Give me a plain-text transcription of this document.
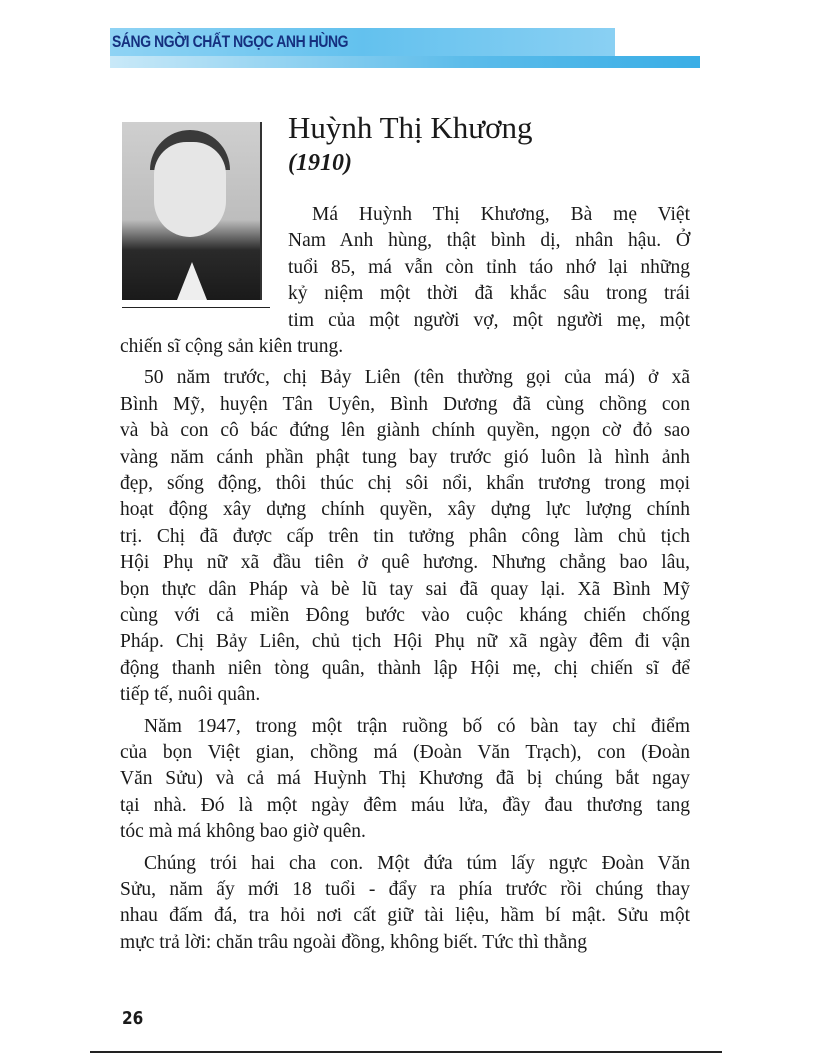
SÁNG NGỜI CHẤT NGỌC ANH HÙNG
Huỳnh Thị Khương
(1910)
Má Huỳnh Thị Khương, Bà mẹ Việt
Nam Anh hùng, thật bình dị, nhân hậu. Ở
tuổi 85, má vẫn còn tỉnh táo nhớ lại những
kỷ niệm một thời đã khắc sâu trong trái
tim của một người vợ, một người mẹ, một
chiến sĩ cộng sản kiên trung.
50 năm trước, chị Bảy Liên (tên thường gọi của má) ở xã
Bình Mỹ, huyện Tân Uyên, Bình Dương đã cùng chồng con
và bà con cô bác đứng lên giành chính quyền, ngọn cờ đỏ sao
vàng năm cánh phần phật tung bay trước gió luôn là hình ảnh
đẹp, sống động, thôi thúc chị sôi nổi, khẩn trương trong mọi
hoạt động xây dựng chính quyền, xây dựng lực lượng chính
trị. Chị đã được cấp trên tin tưởng phân công làm chủ tịch
Hội Phụ nữ xã đầu tiên ở quê hương. Nhưng chẳng bao lâu,
bọn thực dân Pháp và bè lũ tay sai đã quay lại. Xã Bình Mỹ
cùng với cả miền Đông bước vào cuộc kháng chiến chống
Pháp. Chị Bảy Liên, chủ tịch Hội Phụ nữ xã ngày đêm đi vận
động thanh niên tòng quân, thành lập Hội mẹ, chị chiến sĩ để
tiếp tế, nuôi quân.
Năm 1947, trong một trận ruồng bố có bàn tay chỉ điểm
của bọn Việt gian, chồng má (Đoàn Văn Trạch), con (Đoàn
Văn Sửu) và cả má Huỳnh Thị Khương đã bị chúng bắt ngay
tại nhà. Đó là một ngày đêm máu lửa, đầy đau thương tang
tóc mà má không bao giờ quên.
Chúng trói hai cha con. Một đứa túm lấy ngực Đoàn Văn
Sửu, năm ấy mới 18 tuổi - đẩy ra phía trước rồi chúng thay
nhau đấm đá, tra hỏi nơi cất giữ tài liệu, hầm bí mật. Sửu một
mực trả lời: chăn trâu ngoài đồng, không biết. Tức thì thằng
26
